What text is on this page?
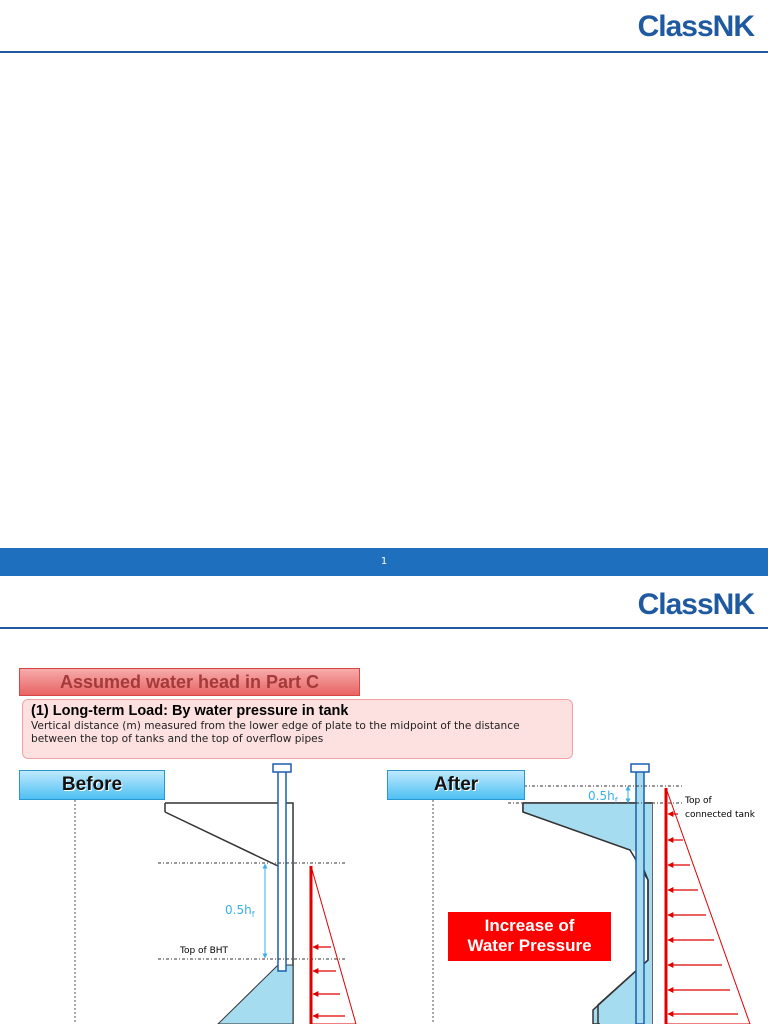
ClassNK
1
ClassNK
Assumed water head in Part C
(1) Long-term Load: By water pressure in tank
Vertical distance (m) measured from the lower edge of plate to the midpoint of the distance between the top of tanks and the top of overflow pipes
$0.5h_f$
Top of BHT
$0.5h_f$	Top of
connected tank
Before	After
Increase of
Water Pressure
